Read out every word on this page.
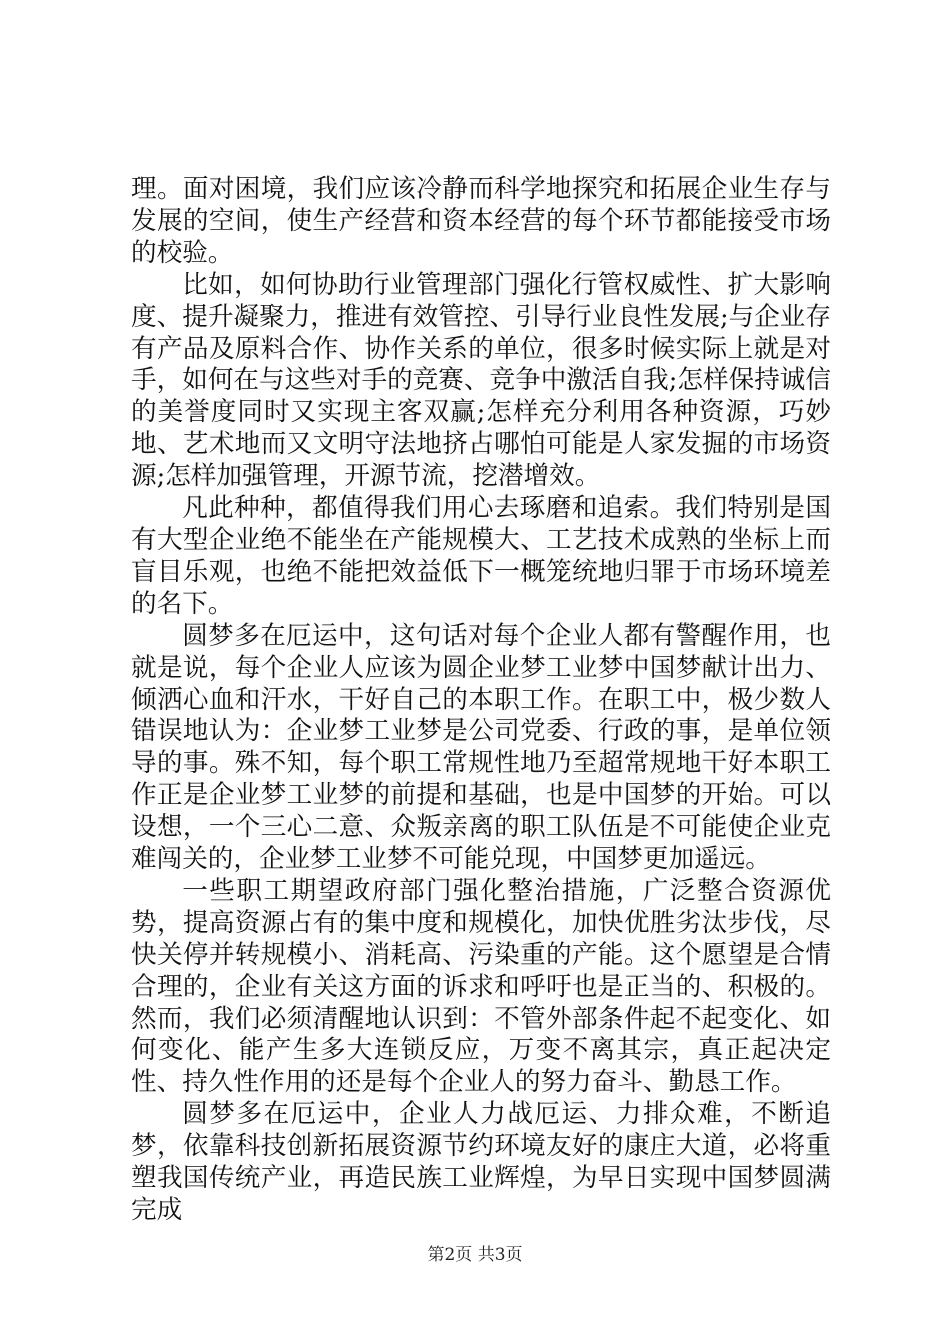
理。面对困境，我们应该冷静而科学地探究和拓展企业生存与发展的空间，使生产经营和资本经营的每个环节都能接受市场的校验。

比如，如何协助行业管理部门强化行管权威性、扩大影响度、提升凝聚力，推进有效管控、引导行业良性发展;与企业存有产品及原料合作、协作关系的单位，很多时候实际上就是对手，如何在与这些对手的竞赛、竞争中激活自我;怎样保持诚信的美誉度同时又实现主客双赢;怎样充分利用各种资源，巧妙地、艺术地而又文明守法地挤占哪怕可能是人家发掘的市场资源;怎样加强管理，开源节流，挖潜增效。

凡此种种，都值得我们用心去琢磨和追索。我们特别是国有大型企业绝不能坐在产能规模大、工艺技术成熟的坐标上而盲目乐观，也绝不能把效益低下一概笼统地归罪于市场环境差的名下。

圆梦多在厄运中，这句话对每个企业人都有警醒作用，也就是说，每个企业人应该为圆企业梦工业梦中国梦献计出力、倾洒心血和汗水，干好自己的本职工作。在职工中，极少数人错误地认为：企业梦工业梦是公司党委、行政的事，是单位领导的事。殊不知，每个职工常规性地乃至超常规地干好本职工作正是企业梦工业梦的前提和基础，也是中国梦的开始。可以设想，一个三心二意、众叛亲离的职工队伍是不可能使企业克难闯关的，企业梦工业梦不可能兑现，中国梦更加遥远。

一些职工期望政府部门强化整治措施，广泛整合资源优势，提高资源占有的集中度和规模化，加快优胜劣汰步伐，尽快关停并转规模小、消耗高、污染重的产能。这个愿望是合情合理的，企业有关这方面的诉求和呼吁也是正当的、积极的。然而，我们必须清醒地认识到：不管外部条件起不起变化、如何变化、能产生多大连锁反应，万变不离其宗，真正起决定性、持久性作用的还是每个企业人的努力奋斗、勤恳工作。

圆梦多在厄运中，企业人力战厄运、力排众难，不断追梦，依靠科技创新拓展资源节约环境友好的康庄大道，必将重塑我国传统产业，再造民族工业辉煌，为早日实现中国梦圆满完成

第2页 共3页
